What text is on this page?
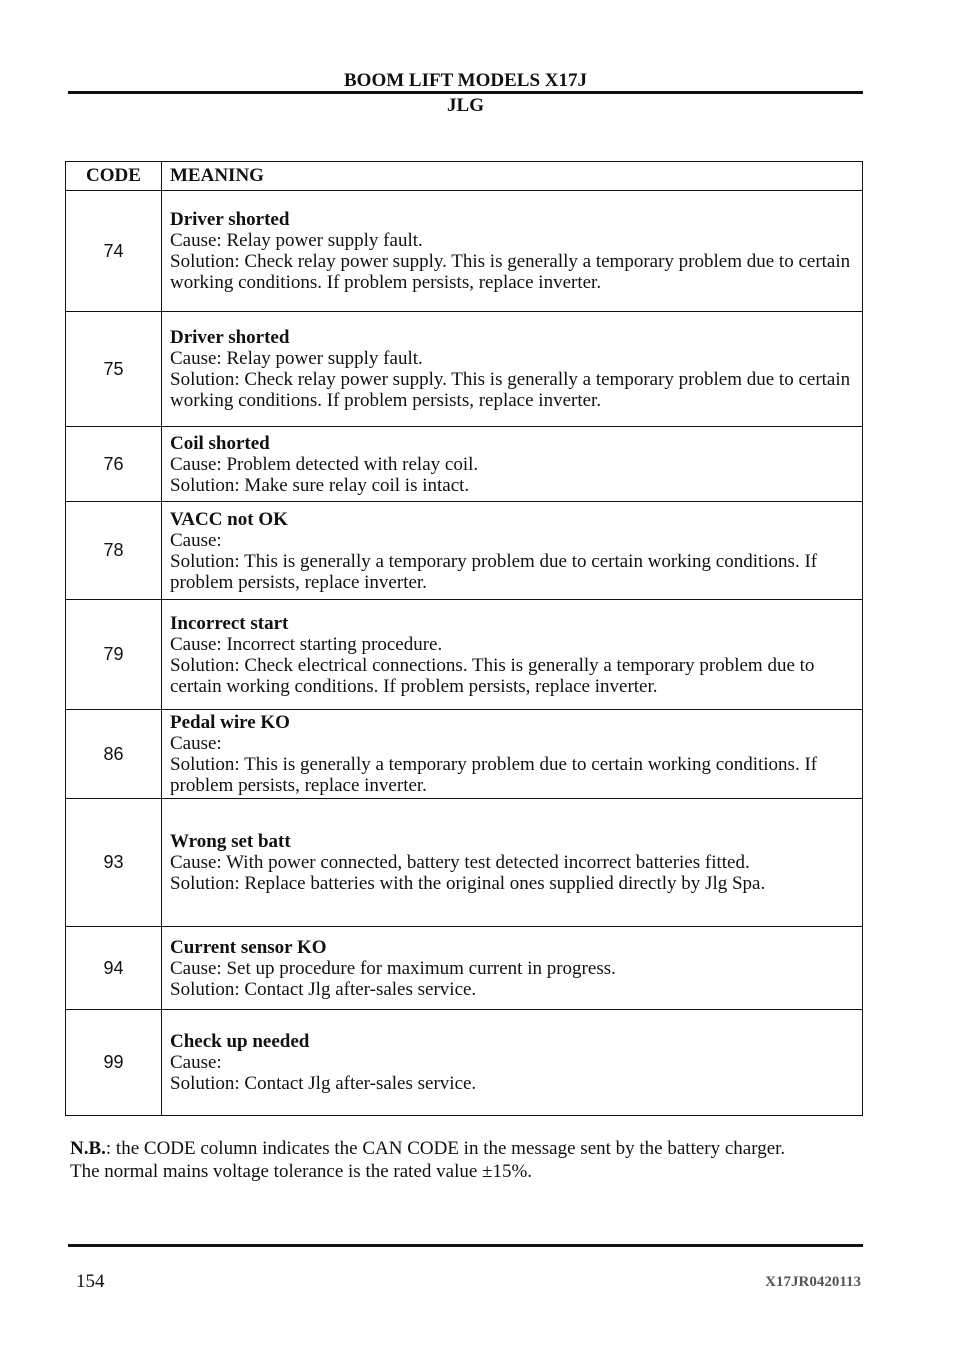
BOOM LIFT MODELS X17J
JLG
CODE	MEANING
74	Driver shorted
Cause: Relay power supply fault.
Solution: Check relay power supply. This is generally a temporary problem due to certain working conditions. If problem persists, replace inverter.

75	Driver shorted
Cause: Relay power supply fault.
Solution: Check relay power supply. This is generally a temporary problem due to certain working conditions. If problem persists, replace inverter.

76	Coil shorted
Cause: Problem detected with relay coil.
Solution: Make sure relay coil is intact.

78	VACC not OK
Cause:
Solution: This is generally a temporary problem due to certain working conditions. If problem persists, replace inverter.

79	Incorrect start
Cause: Incorrect starting procedure.
Solution: Check electrical connections. This is generally a temporary problem due to certain working conditions. If problem persists, replace inverter.

86	Pedal wire KO
Cause:
Solution: This is generally a temporary problem due to certain working conditions. If problem persists, replace inverter.

93	Wrong set batt
Cause: With power connected, battery test detected incorrect batteries fitted.
Solution: Replace batteries with the original ones supplied directly by Jlg Spa.

94	Current sensor KO
Cause: Set up procedure for maximum current in progress.
Solution: Contact Jlg after-sales service.

99	Check up needed
Cause:
Solution: Contact Jlg after-sales service.
N.B.: the CODE column indicates the CAN CODE in the message sent by the battery charger.
The normal mains voltage tolerance is the rated value ±15%.
154	X17JR0420113
